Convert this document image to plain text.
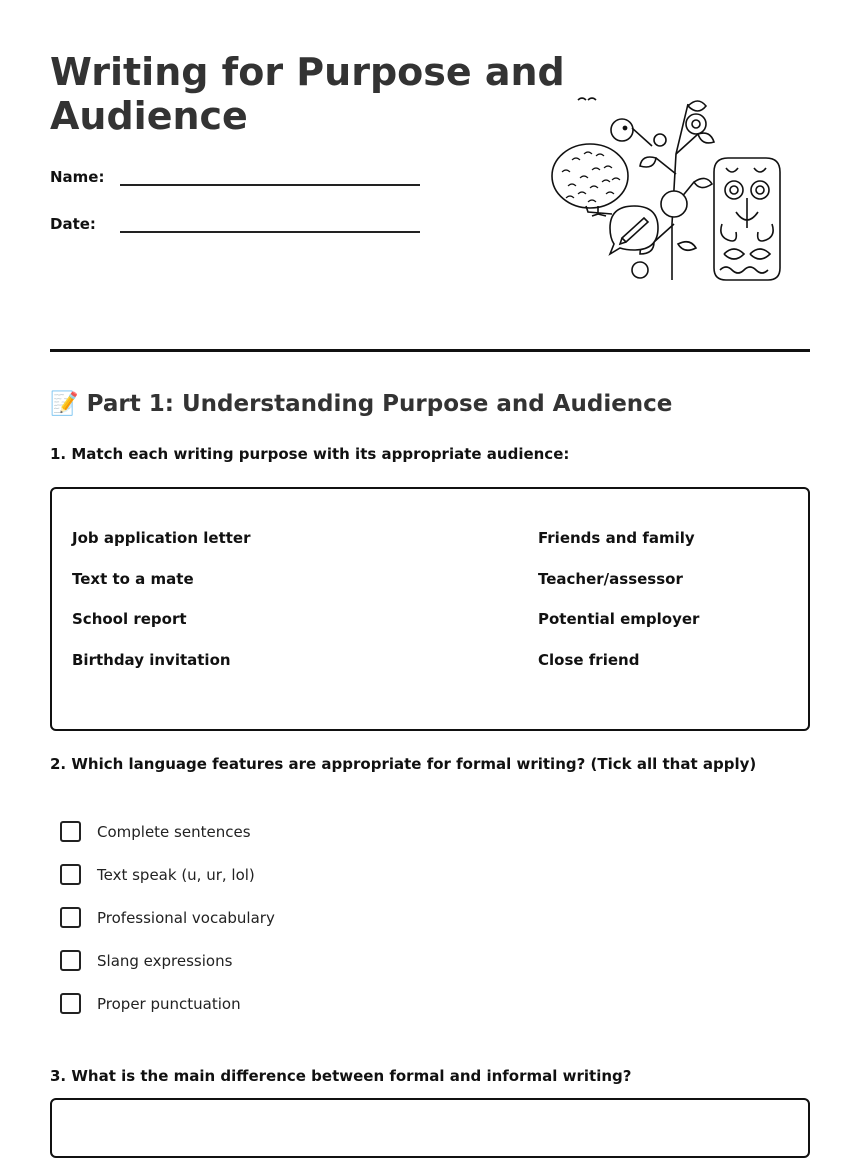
Writing for Purpose and Audience
Name:
Date:
📝 Part 1: Understanding Purpose and Audience
1. Match each writing purpose with its appropriate audience:
Job application letter
Text to a mate
School report
Birthday invitation
Friends and family
Teacher/assessor
Potential employer
Close friend
2. Which language features are appropriate for formal writing? (Tick all that apply)
Complete sentences
Text speak (u, ur, lol)
Professional vocabulary
Slang expressions
Proper punctuation
3. What is the main difference between formal and informal writing?
